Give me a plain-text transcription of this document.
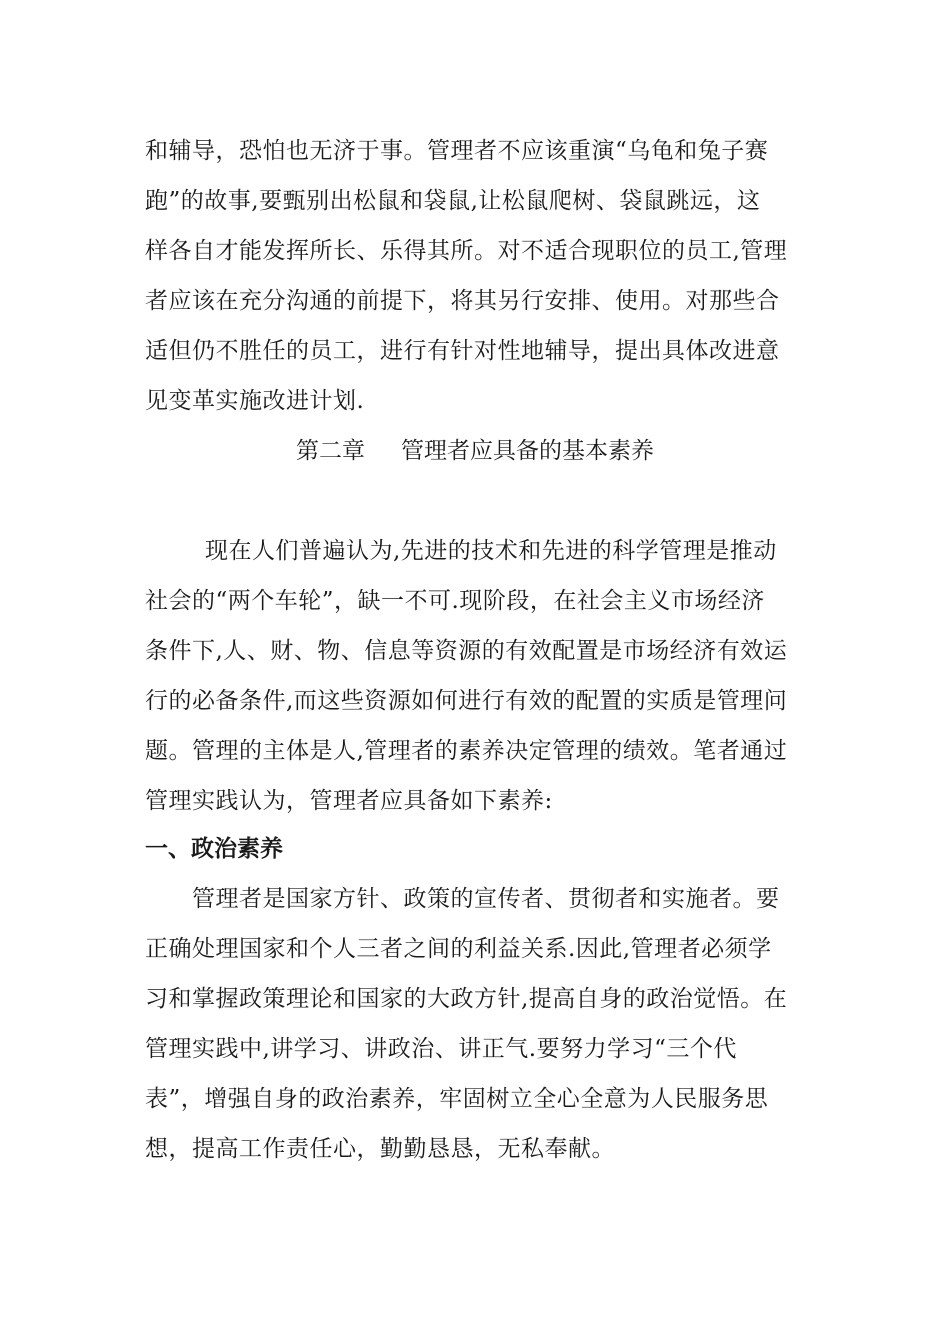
和辅导，恐怕也无济于事。管理者不应该重演“乌龟和兔子赛
跑”的故事,要甄别出松鼠和袋鼠,让松鼠爬树、袋鼠跳远，这
样各自才能发挥所长、乐得其所。对不适合现职位的员工,管理
者应该在充分沟通的前提下，将其另行安排、使用。对那些合
适但仍不胜任的员工，进行有针对性地辅导，提出具体改进意
见变革实施改进计划.
第二章 管理者应具备的基本素养
现在人们普遍认为,先进的技术和先进的科学管理是推动
社会的“两个车轮”，缺一不可.现阶段，在社会主义市场经济
条件下,人、财、物、信息等资源的有效配置是市场经济有效运
行的必备条件,而这些资源如何进行有效的配置的实质是管理问
题。管理的主体是人,管理者的素养决定管理的绩效。笔者通过
管理实践认为，管理者应具备如下素养:
一、政治素养
管理者是国家方针、政策的宣传者、贯彻者和实施者。要
正确处理国家和个人三者之间的利益关系.因此,管理者必须学
习和掌握政策理论和国家的大政方针,提高自身的政治觉悟。在
管理实践中,讲学习、讲政治、讲正气.要努力学习“三个代
表”，增强自身的政治素养，牢固树立全心全意为人民服务思
想，提高工作责任心，勤勤恳恳，无私奉献。
